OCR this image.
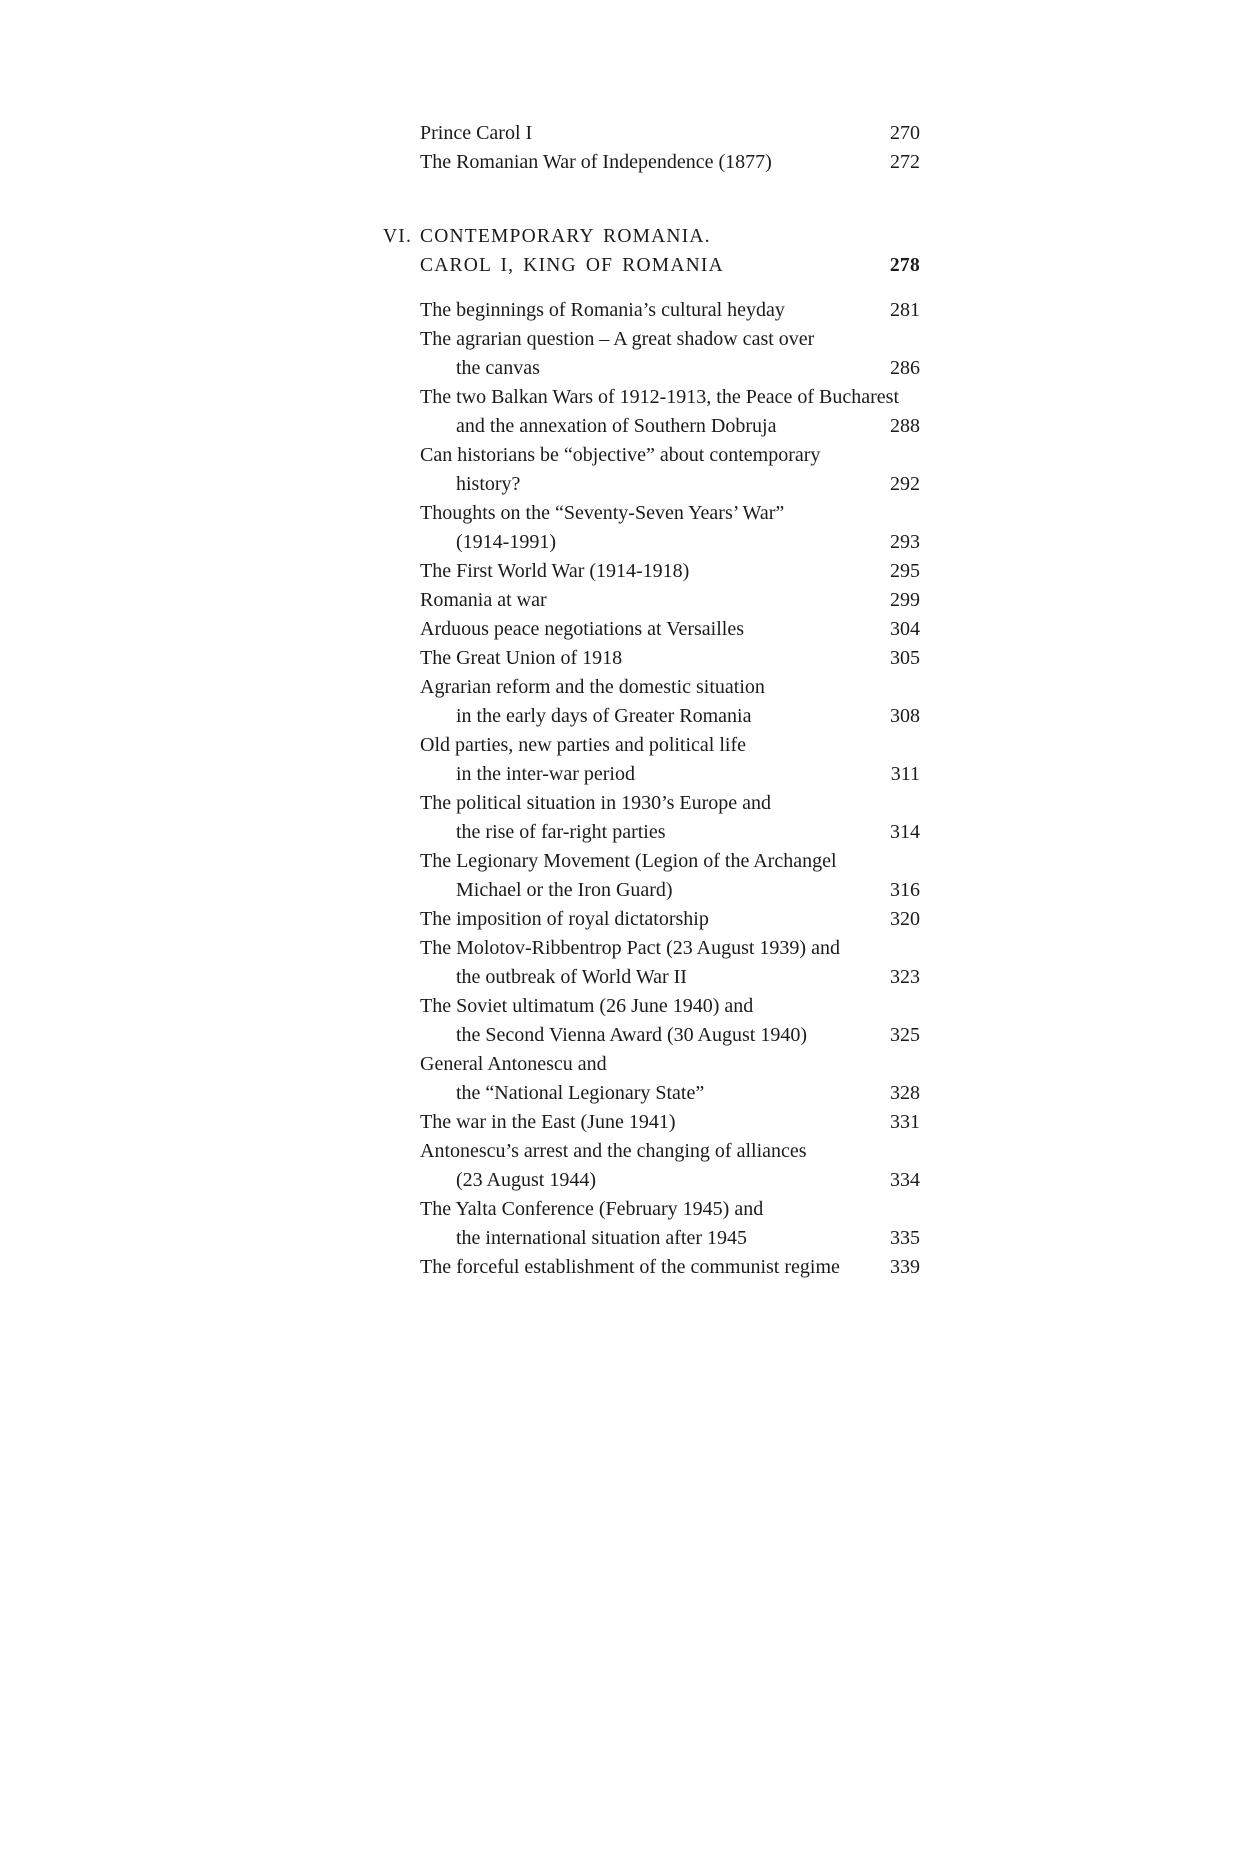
Prince Carol I	270
The Romanian War of Independence (1877)	272
VI. CONTEMPORARY ROMANIA.
CAROL I, KING OF ROMANIA	278
The beginnings of Romania’s cultural heyday	281
The agrarian question – A great shadow cast over
the canvas	286
The two Balkan Wars of 1912-1913, the Peace of Bucharest
and the annexation of Southern Dobruja	288
Can historians be “objective” about contemporary
history?	292
Thoughts on the “Seventy-Seven Years’ War”
(1914-1991)	293
The First World War (1914-1918)	295
Romania at war	299
Arduous peace negotiations at Versailles	304
The Great Union of 1918	305
Agrarian reform and the domestic situation
in the early days of Greater Romania	308
Old parties, new parties and political life
in the inter-war period	311
The political situation in 1930’s Europe and
the rise of far-right parties	314
The Legionary Movement (Legion of the Archangel
Michael or the Iron Guard)	316
The imposition of royal dictatorship	320
The Molotov-Ribbentrop Pact (23 August 1939) and
the outbreak of World War II	323
The Soviet ultimatum (26 June 1940) and
the Second Vienna Award (30 August 1940)	325
General Antonescu and
the “National Legionary State”	328
The war in the East (June 1941)	331
Antonescu’s arrest and the changing of alliances
(23 August 1944)	334
The Yalta Conference (February 1945) and
the international situation after 1945	335
The forceful establishment of the communist regime	339
